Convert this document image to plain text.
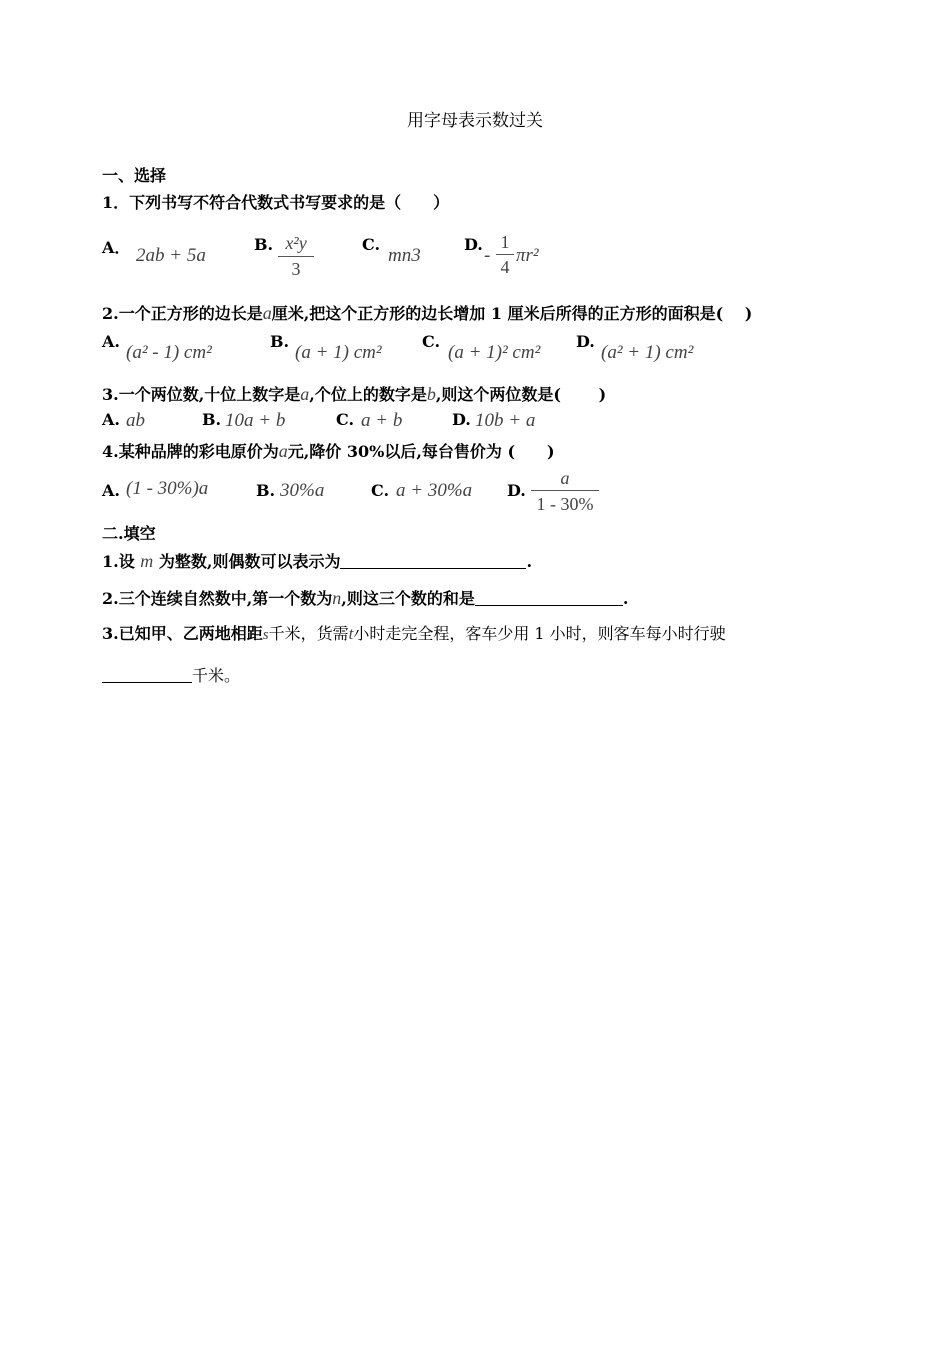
用字母表示数过关
一、选择
1．下列书写不符合代数式书写要求的是（　　）
A． 2ab + 5a
B. $\frac{\text{x²y}}{3}$	C.
mn3
D.
- $\frac{1}{4} \pi r^2$
2.一个正方形的边长是a厘米,把这个正方形的边长增加 1 厘米后所得的正方形的面积是(　 )
A.
(a² - 1) cm²
B.
(a + 1) cm²
C.
(a + 1)² cm²
D.
(a² + 1) cm²
3.一个两位数,十位上数字是a,个位上的数字是b,则这个两位数是(　　 )
A. ab	B. 10a + b	C. a + b	D. 10b + a
4.某种品牌的彩电原价为a元,降价 30%以后,每台售价为 (　　)
A. (1 - 30%)a	B. 30%a	C. a + 30%a D. $\frac{a}{1 - 30\%}$
二.填空
1.设 m 为整数,则偶数可以表示为	.
2.三个连续自然数中,第一个数为n,则这三个数的和是	.
3.已知甲、乙两地相距s千米，货需t小时走完全程，客车少用 1 小时，则客车每小时行驶
千米。
